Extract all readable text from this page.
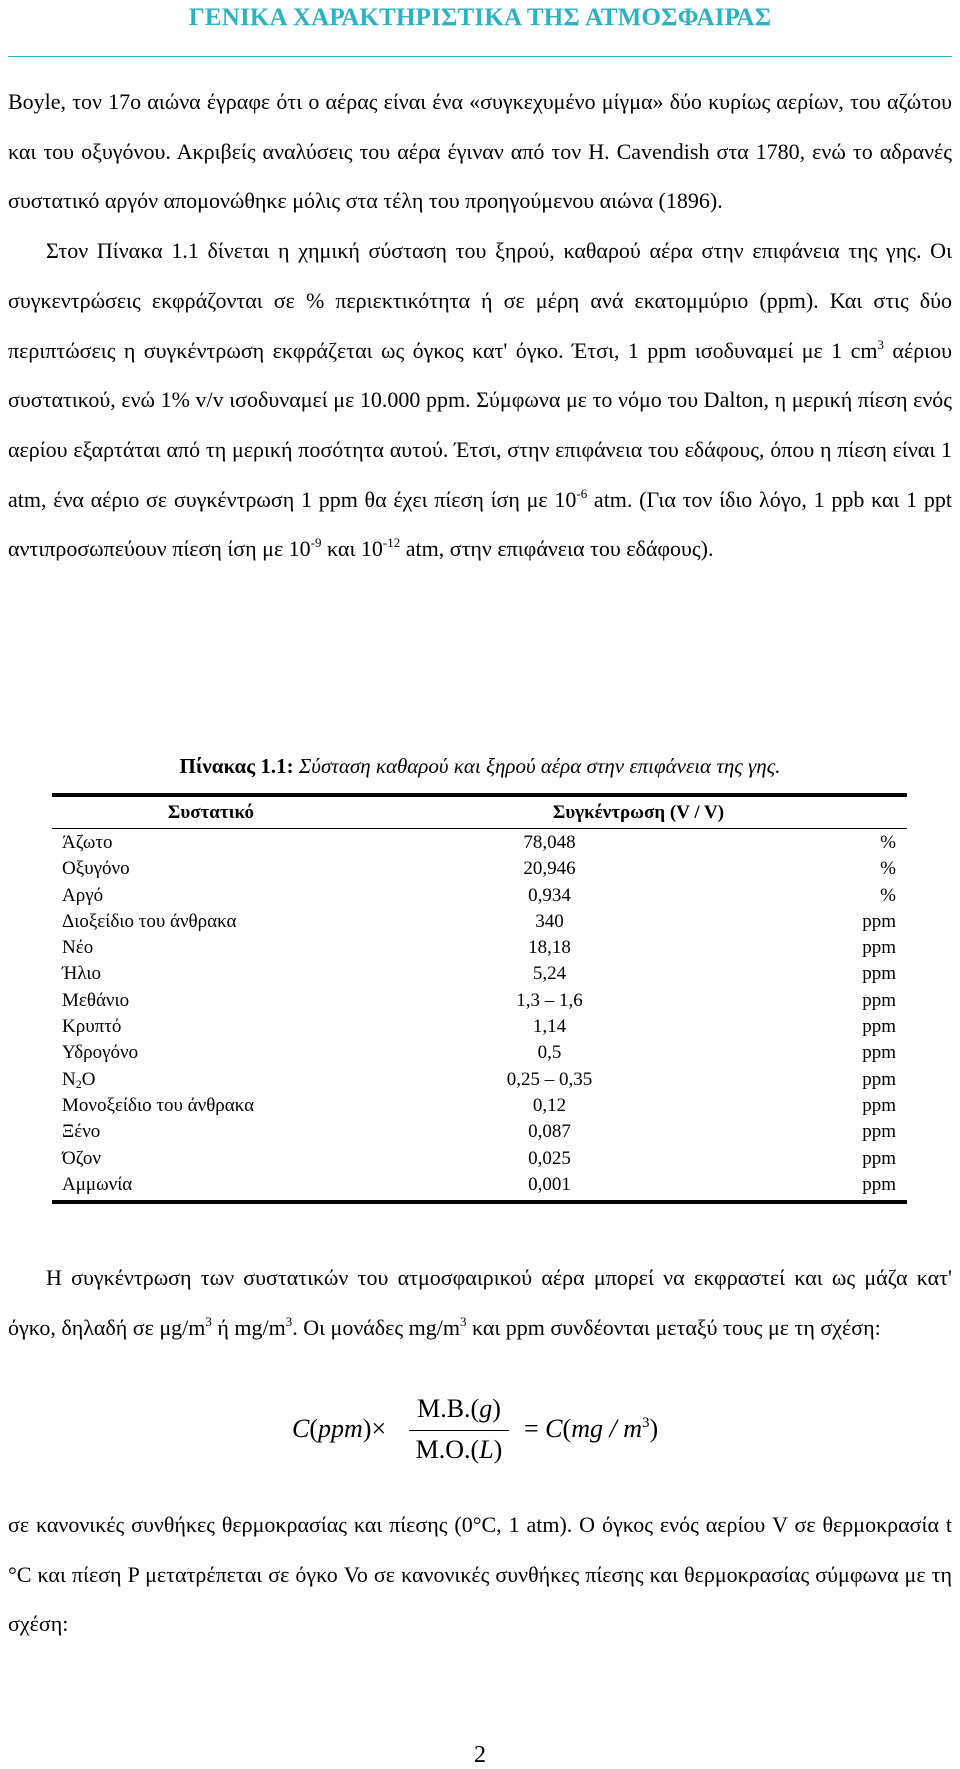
ΓΕΝΙΚΑ ΧΑΡΑΚΤΗΡΙΣΤΙΚΑ ΤΗΣ ΑΤΜΟΣΦΑΙΡΑΣ

Boyle, τον 17ο αιώνα έγραφε ότι ο αέρας είναι ένα «συγκεχυμένο μίγμα» δύο κυρίως αερίων, του αζώτου και του οξυγόνου. Ακριβείς αναλύσεις του αέρα έγιναν από τον H. Cavendish στα 1780, ενώ το αδρανές συστατικό αργόν απομονώθηκε μόλις στα τέλη του προηγούμενου αιώνα (1896).
Στον Πίνακα 1.1 δίνεται η χημική σύσταση του ξηρού, καθαρού αέρα στην επιφάνεια της γης. Οι συγκεντρώσεις εκφράζονται σε % περιεκτικότητα ή σε μέρη ανά εκατομμύριο (ppm). Και στις δύο περιπτώσεις η συγκέντρωση εκφράζεται ως όγκος κατ' όγκο. Έτσι, 1 ppm ισοδυναμεί με 1 $cm^3$ αέριου συστατικού, ενώ 1% v/v ισοδυναμεί με 10.000 ppm. Σύμφωνα με το νόμο του Dalton, η μερική πίεση ενός αερίου εξαρτάται από τη μερική ποσότητα αυτού. Έτσι, στην επιφάνεια του εδάφους, όπου η πίεση είναι 1 atm, ένα αέριο σε συγκέντρωση 1 ppm θα έχει πίεση ίση με $10^{-6}$ atm. (Για τον ίδιο λόγο, 1 ppb και 1 ppt αντιπροσωπεύουν πίεση ίση με $10^{-9}$ και $10^{-12}$ atm, στην επιφάνεια του εδάφους).

Πίνακας 1.1: Σύσταση καθαρού και ξηρού αέρα στην επιφάνεια της γης.
Συστατικό	Συγκέντρωση (V / V)
Άζωτο	78,048	%
Οξυγόνο	20,946	%
Αργό	0,934	%
Διοξείδιο του άνθρακα	340	ppm
Νέο	18,18	ppm
Ήλιο	5,24	ppm
Μεθάνιο	1,3 – 1,6	ppm
Κρυπτό	1,14	ppm
Υδρογόνο	0,5	ppm
$N_2O$	0,25 – 0,35	ppm
Μονοξείδιο του άνθρακα	0,12	ppm
Ξένο	0,087	ppm
Όζον	0,025	ppm
Αμμωνία	0,001	ppm

Η συγκέντρωση των συστατικών του ατμοσφαιρικού αέρα μπορεί να εκφραστεί και ως μάζα κατ' όγκο, δηλαδή σε $\mu g/m^3$ ή $mg/m^3$. Οι μονάδες $mg/m^3$ και ppm συνδέονται μεταξύ τους με τη σχέση:

C(ppm)×
M.B.(g)
M.O.(L)
= $C(mg / m^3)$

σε κανονικές συνθήκες θερμοκρασίας και πίεσης (0°C, 1 atm). Ο όγκος ενός αερίου V σε θερμοκρασία t °C και πίεση P μετατρέπεται σε όγκο Vo σε κανονικές συνθήκες πίεσης και θερμοκρασίας σύμφωνα με τη σχέση:

2
